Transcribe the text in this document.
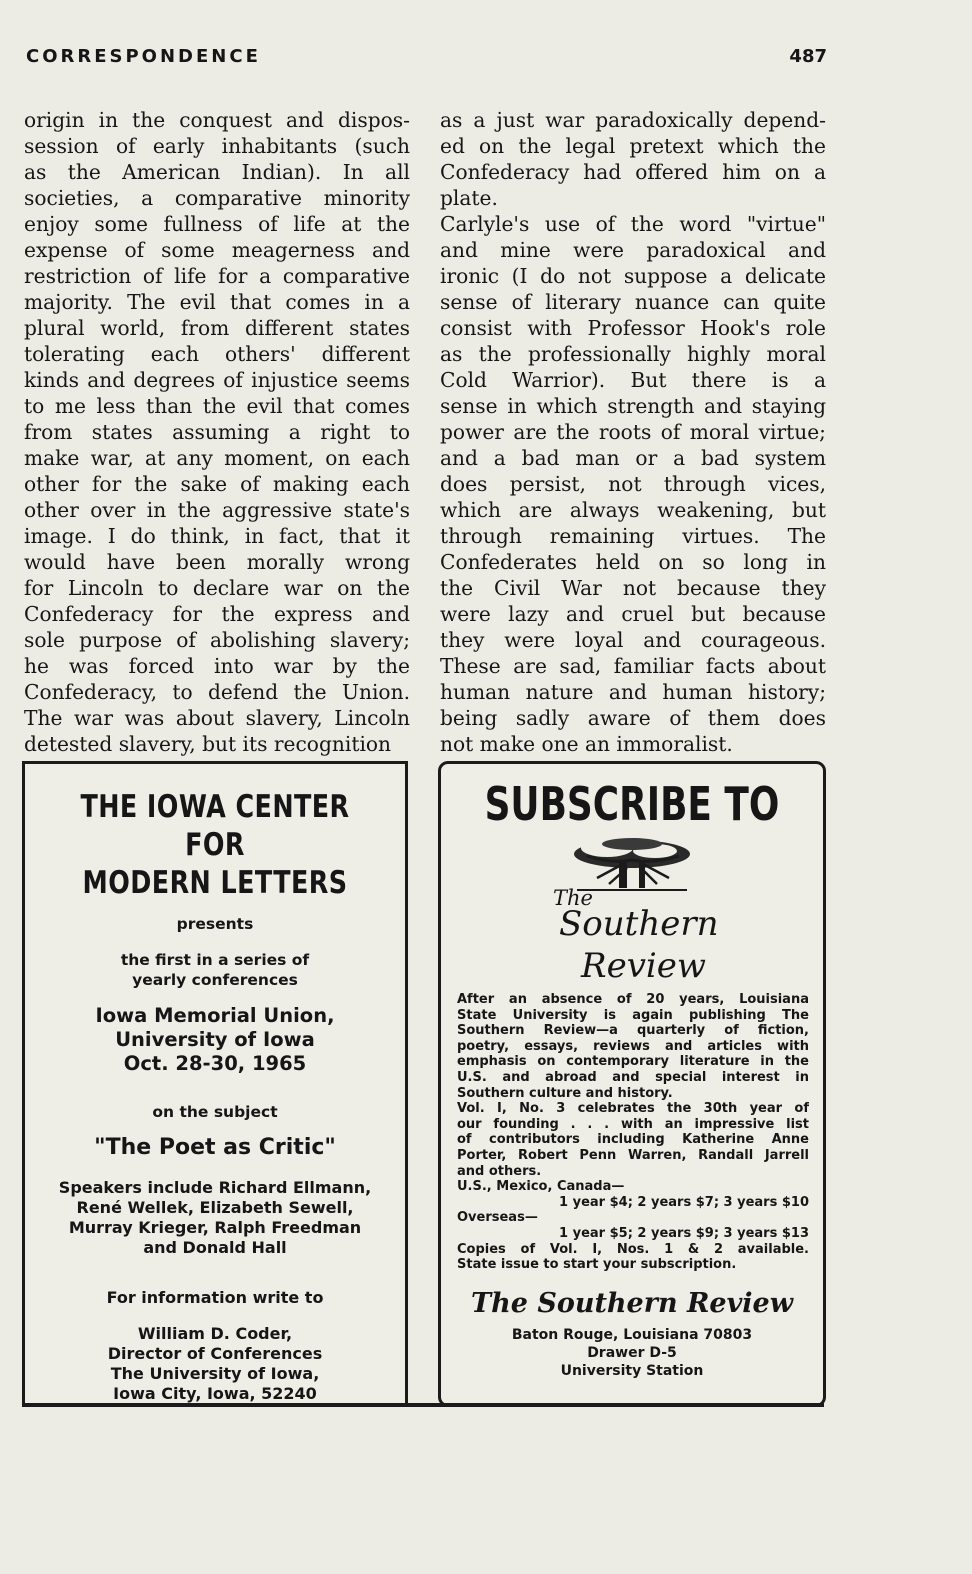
CORRESPONDENCE	487
origin in the conquest and dispos-
session of early inhabitants (such
as the American Indian). In all
societies, a comparative minority
enjoy some fullness of life at the
expense of some meagerness and
restriction of life for a comparative
majority. The evil that comes in a
plural world, from different states
tolerating each others' different
kinds and degrees of injustice seems
to me less than the evil that comes
from states assuming a right to
make war, at any moment, on each
other for the sake of making each
other over in the aggressive state's
image. I do think, in fact, that it
would have been morally wrong
for Lincoln to declare war on the
Confederacy for the express and
sole purpose of abolishing slavery;
he was forced into war by the
Confederacy, to defend the Union.
The war was about slavery, Lincoln
detested slavery, but its recognition
as a just war paradoxically depend-
ed on the legal pretext which the
Confederacy had offered him on a
plate.
Carlyle's use of the word "virtue"
and mine were paradoxical and
ironic (I do not suppose a delicate
sense of literary nuance can quite
consist with Professor Hook's role
as the professionally highly moral
Cold Warrior). But there is a
sense in which strength and staying
power are the roots of moral virtue;
and a bad man or a bad system
does persist, not through vices,
which are always weakening, but
through remaining virtues. The
Confederates held on so long in
the Civil War not because they
were lazy and cruel but because
they were loyal and courageous.
These are sad, familiar facts about
human nature and human history;
being sadly aware of them does
not make one an immoralist.
THE IOWA CENTER FOR
MODERN LETTERS
presents
the first in a series of
yearly conferences
Iowa Memorial Union,
University of Iowa
Oct. 28-30, 1965
on the subject
"The Poet as Critic"
Speakers include Richard Ellmann,
René Wellek, Elizabeth Sewell,
Murray Krieger, Ralph Freedman
and Donald Hall
For information write to
William D. Coder,
Director of Conferences
The University of Iowa,
Iowa City, Iowa, 52240
SUBSCRIBE TO
The
Southern
Review
After an absence of 20 years, Louisiana
State University is again publishing The
Southern Review—a quarterly of fiction,
poetry, essays, reviews and articles with
emphasis on contemporary literature in the
U.S. and abroad and special interest in
Southern culture and history.
Vol. I, No. 3 celebrates the 30th year of
our founding . . . with an impressive list
of contributors including Katherine Anne
Porter, Robert Penn Warren, Randall Jarrell
and others.
U.S., Mexico, Canada—
1 year $4; 2 years $7; 3 years $10
Overseas—
1 year $5; 2 years $9; 3 years $13
Copies of Vol. I, Nos. 1 & 2 available.
State issue to start your subscription.
The Southern Review
Baton Rouge, Louisiana 70803
Drawer D-5
University Station
